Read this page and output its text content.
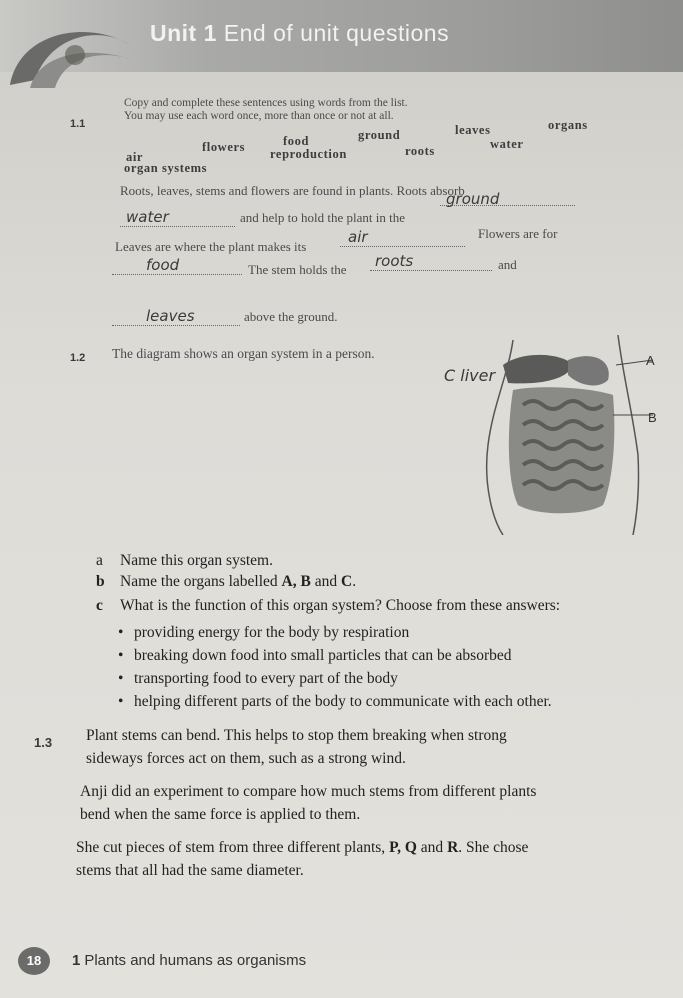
Unit 1 End of unit questions
1.1
Copy and complete these sentences using words from the list.
You may use each word once, more than once or not at all.
air
flowers	food	ground	leaves	organs
organ systems
reproduction	roots	water
Roots, leaves, stems and flowers are found in plants. Roots absorb
water	and help to hold the plant in the
ground
Leaves are where the plant makes its
air	Flowers are for
food	The stem holds the roots	and
leaves	above the ground.
1.2 The diagram shows an organ system in a person.	A
B
C liver
a Name this organ system.
b Name the organs labelled A, B and C.
c What is the function of this organ system? Choose from these answers:
• providing energy for the body by respiration
• breaking down food into small particles that can be absorbed
• transporting food to every part of the body
• helping different parts of the body to communicate with each other.
1.3 Plant stems can bend. This helps to stop them breaking when strong
sideways forces act on them, such as a strong wind.
Anji did an experiment to compare how much stems from different plants
bend when the same force is applied to them.
She cut pieces of stem from three different plants, P, Q and R. She chose
stems that all had the same diameter.
18	1 Plants and humans as organisms
